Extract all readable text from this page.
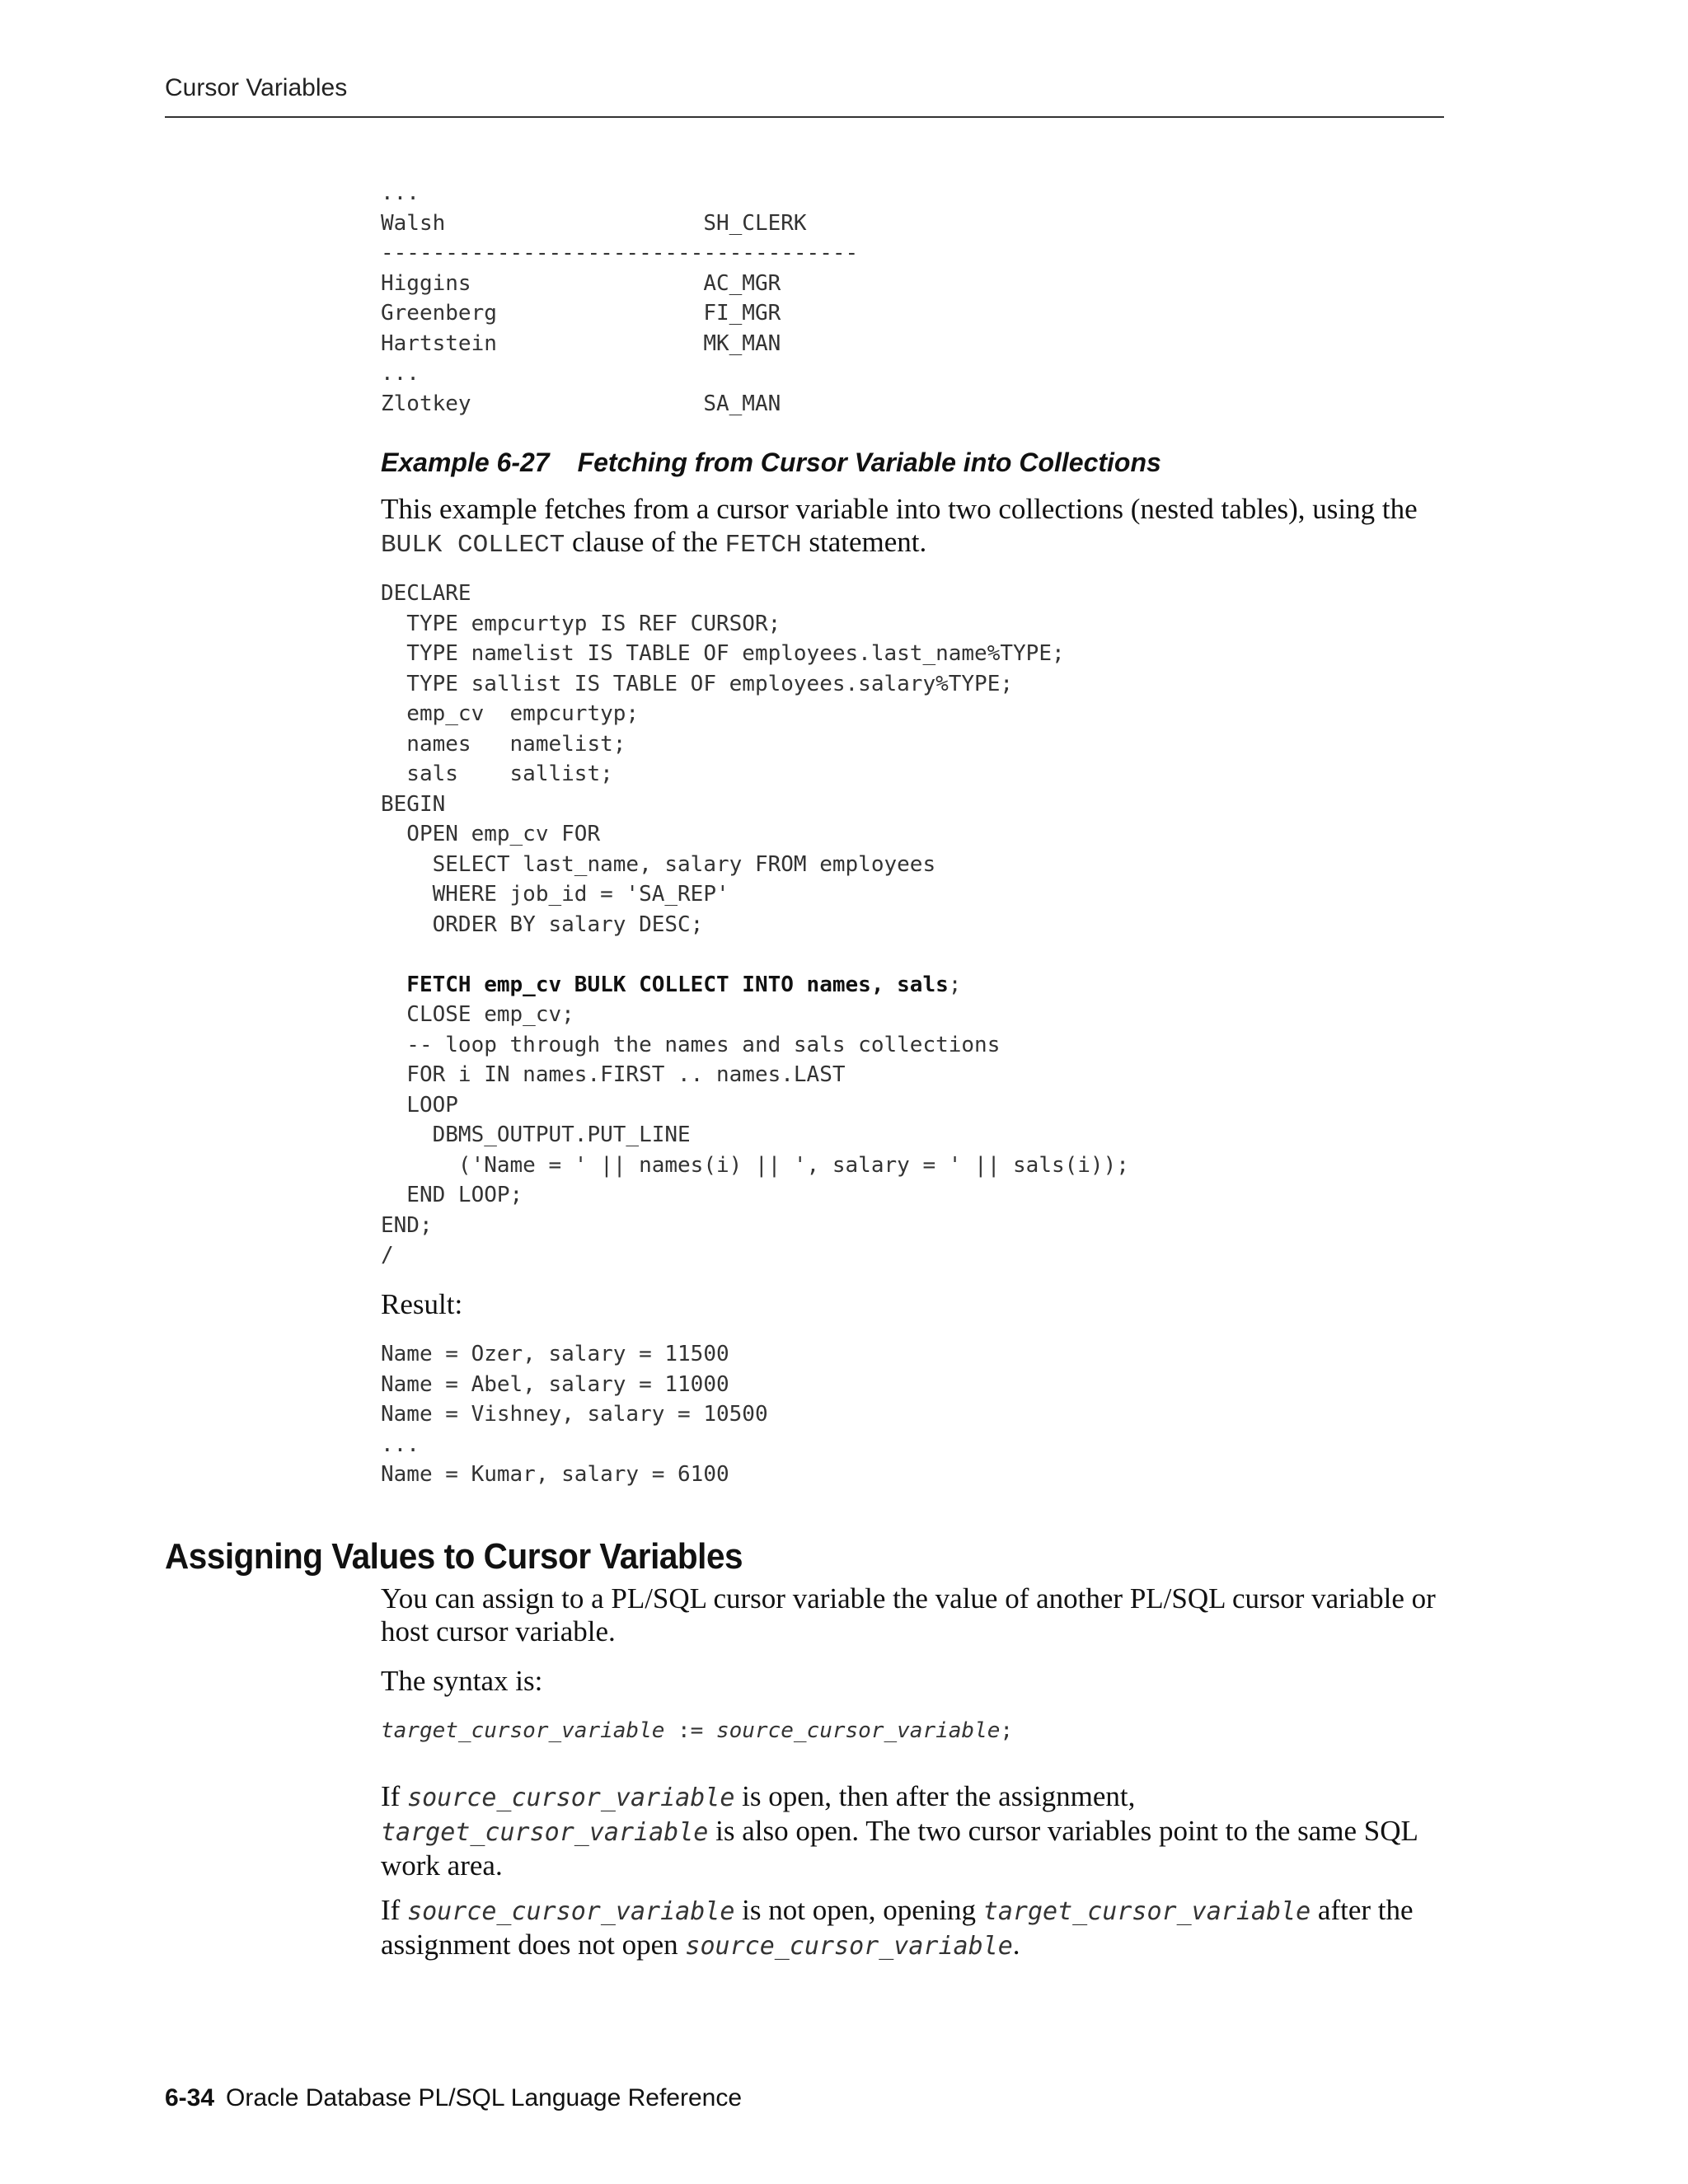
Cursor Variables
...
Walsh                    SH_CLERK
-------------------------------------
Higgins                  AC_MGR
Greenberg                FI_MGR
Hartstein                MK_MAN
...
Zlotkey                  SA_MAN
Example 6-27 Fetching from Cursor Variable into Collections

This example fetches from a cursor variable into two collections (nested tables), using the BULK COLLECT clause of the FETCH statement.

DECLARE
TYPE empcurtyp IS REF CURSOR;
TYPE namelist IS TABLE OF employees.last_name%TYPE;
TYPE sallist IS TABLE OF employees.salary%TYPE;
emp_cv  empcurtyp;
names   namelist;
sals    sallist;
BEGIN
OPEN emp_cv FOR
SELECT last_name, salary FROM employees
WHERE job_id = 'SA_REP'
ORDER BY salary DESC;

FETCH emp_cv BULK COLLECT INTO names, sals;
CLOSE emp_cv;
-- loop through the names and sals collections
FOR i IN names.FIRST .. names.LAST
LOOP
DBMS_OUTPUT.PUT_LINE
('Name = ' || names(i) || ', salary = ' || sals(i));
END LOOP;
END;
/

Result:

Name = Ozer, salary = 11500
Name = Abel, salary = 11000
Name = Vishney, salary = 10500
...
Name = Kumar, salary = 6100
Assigning Values to Cursor Variables

You can assign to a PL/SQL cursor variable the value of another PL/SQL cursor variable or host cursor variable.

The syntax is:

target_cursor_variable := source_cursor_variable;

If source_cursor_variable is open, then after the assignment, target_cursor_variable is also open. The two cursor variables point to the same SQL work area.

If source_cursor_variable is not open, opening target_cursor_variable after the assignment does not open source_cursor_variable.

6-34 Oracle Database PL/SQL Language Reference
